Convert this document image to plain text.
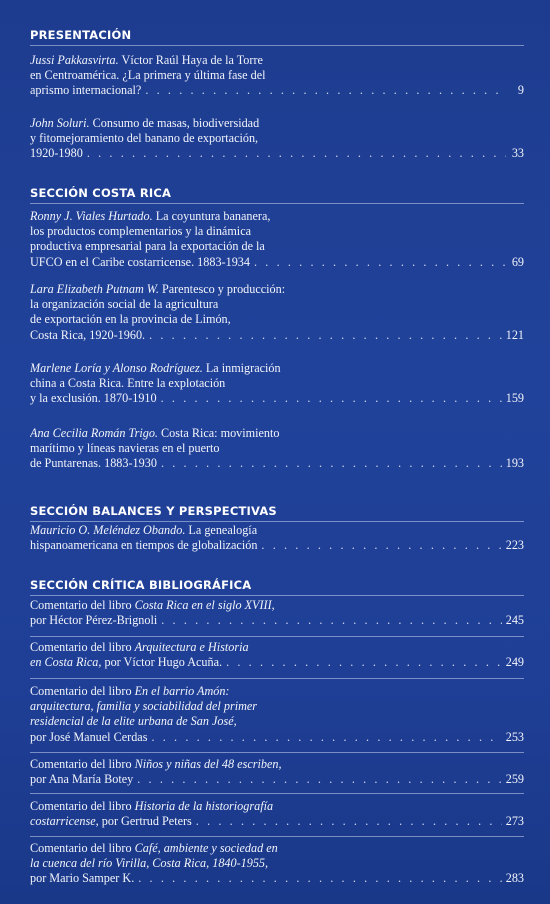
PRESENTACIÓN
Jussi Pakkasvirta. Víctor Raúl Haya de la Torre
en Centroamérica. ¿La primera y última fase del
aprismo internacional? . . .	9
John Soluri. Consumo de masas, biodiversidad
y fitomejoramiento del banano de exportación,
1920-1980 . . .	33
SECCIÓN COSTA RICA
Ronny J. Viales Hurtado. La coyuntura bananera,
los productos complementarios y la dinámica
productiva empresarial para la exportación de la
UFCO en el Caribe costarricense. 1883-1934 . . .	69
Lara Elizabeth Putnam W. Parentesco y producción:
la organización social de la agricultura
de exportación en la provincia de Limón,
Costa Rica, 1920-1960. . . .	121
Marlene Loría y Alonso Rodríguez. La inmigración
china a Costa Rica. Entre la explotación
y la exclusión. 1870-1910 . . .	159
Ana Cecilia Román Trigo. Costa Rica: movimiento
marítimo y líneas navieras en el puerto
de Puntarenas. 1883-1930 . . .	193
SECCIÓN BALANCES Y PERSPECTIVAS
Mauricio O. Meléndez Obando. La genealogía
hispanoamericana en tiempos de globalización . . .	223
SECCIÓN CRÍTICA BIBLIOGRÁFICA
Comentario del libro Costa Rica en el siglo XVIII,
por Héctor Pérez-Brignoli . . .	245
Comentario del libro Arquitectura e Historia
en Costa Rica, por Víctor Hugo Acuña. . . .	249
Comentario del libro En el barrio Amón:
arquitectura, familia y sociabilidad del primer
residencial de la elite urbana de San José,
por José Manuel Cerdas . . .	253
Comentario del libro Niños y niñas del 48 escriben,
por Ana María Botey . . .	259
Comentario del libro Historia de la historiografía
costarricense, por Gertrud Peters . . .	273
Comentario del libro Café, ambiente y sociedad en
la cuenca del río Virilla, Costa Rica, 1840-1955,
por Mario Samper K. . . .	283
